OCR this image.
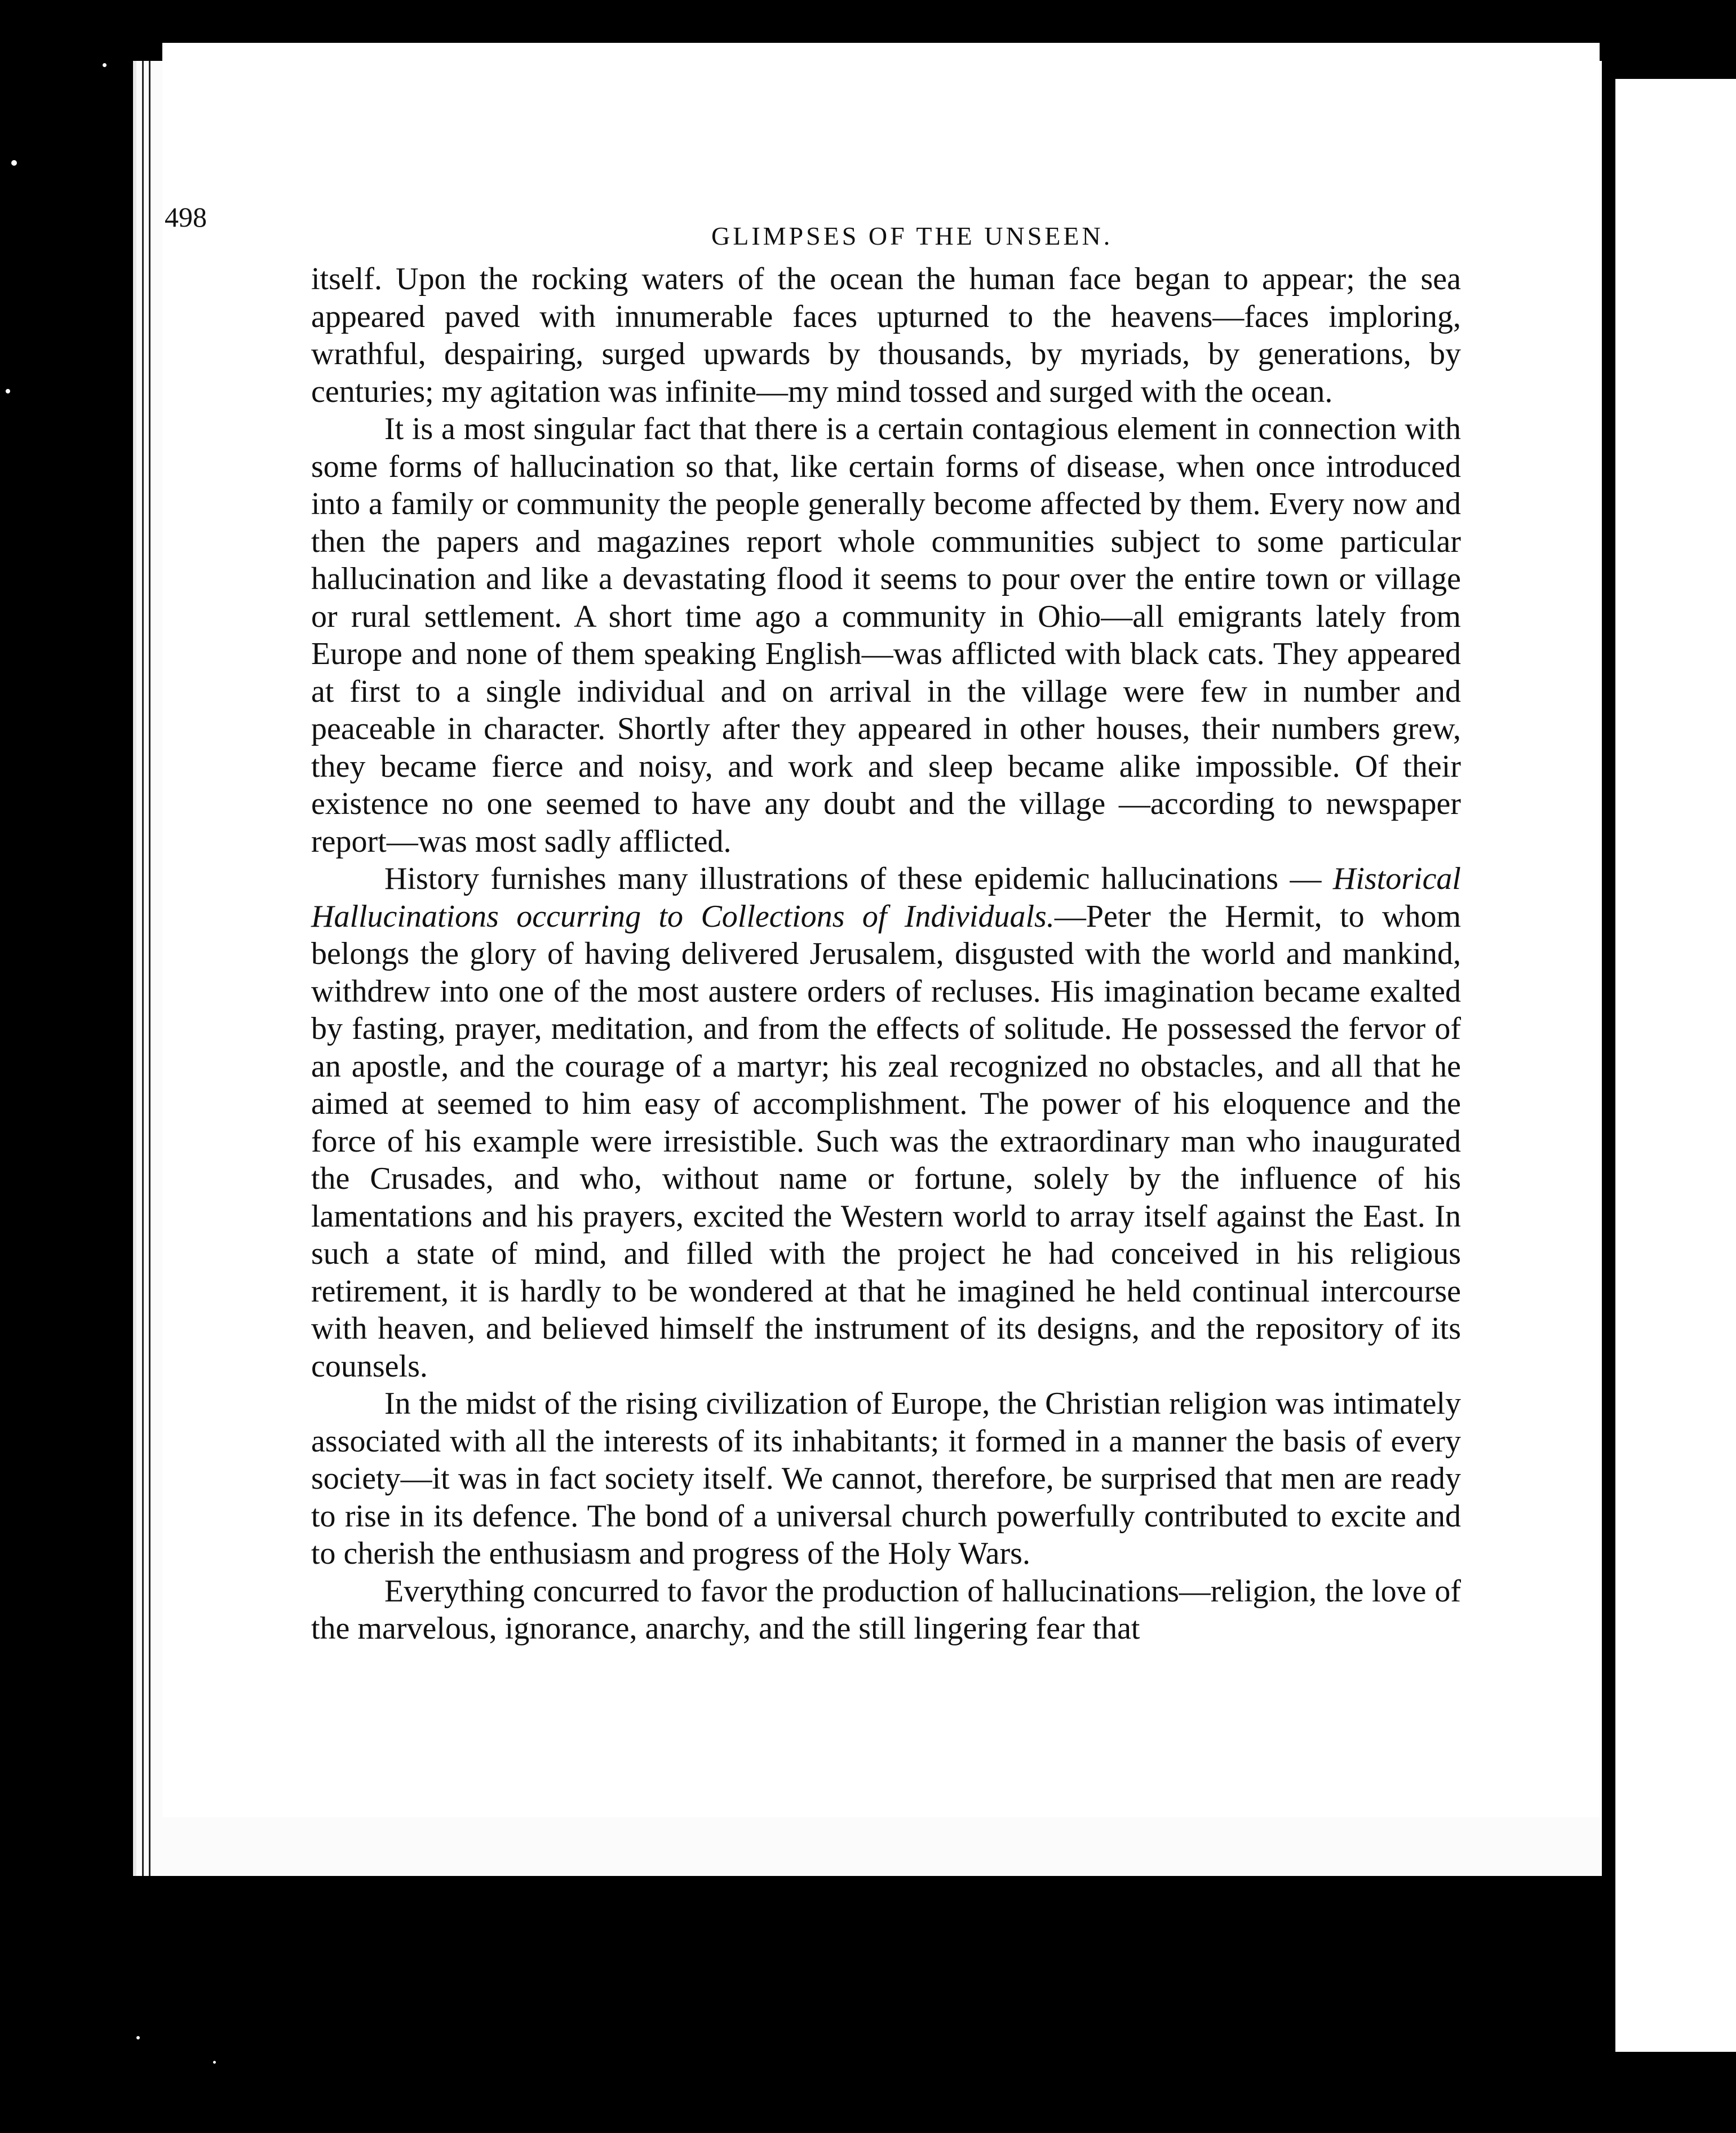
498
GLIMPSES OF THE UNSEEN.

itself. Upon the rocking waters of the ocean the human face began to appear; the sea appeared paved with innumerable faces upturned to the heavens—faces imploring, wrathful, despairing, surged upwards by thousands, by myriads, by generations, by centuries; my agitation was infinite—my mind tossed and surged with the ocean.

It is a most singular fact that there is a certain contagious element in connection with some forms of hallucination so that, like certain forms of disease, when once introduced into a family or community the people generally become affected by them. Every now and then the papers and magazines report whole communities subject to some particular hallucination and like a devastating flood it seems to pour over the entire town or village or rural settlement. A short time ago a community in Ohio—all emigrants lately from Europe and none of them speaking English—was afflicted with black cats. They appeared at first to a single individual and on arrival in the village were few in number and peaceable in character. Shortly after they appeared in other houses, their numbers grew, they became fierce and noisy, and work and sleep became alike impossible. Of their existence no one seemed to have any doubt and the village —according to newspaper report—was most sadly afflicted.

History furnishes many illustrations of these epidemic hallucinations — Historical Hallucinations occurring to Collections of Individuals.—Peter the Hermit, to whom belongs the glory of having delivered Jerusalem, disgusted with the world and mankind, withdrew into one of the most austere orders of recluses. His imagination became exalted by fasting, prayer, meditation, and from the effects of solitude. He possessed the fervor of an apostle, and the courage of a martyr; his zeal recognized no obstacles, and all that he aimed at seemed to him easy of accomplishment. The power of his eloquence and the force of his example were irresistible. Such was the extraordinary man who inaugurated the Crusades, and who, without name or fortune, solely by the influence of his lamentations and his prayers, excited the Western world to array itself against the East. In such a state of mind, and filled with the project he had conceived in his religious retirement, it is hardly to be wondered at that he imagined he held continual intercourse with heaven, and believed himself the instrument of its designs, and the repository of its counsels.

In the midst of the rising civilization of Europe, the Christian religion was intimately associated with all the interests of its inhabitants; it formed in a manner the basis of every society—it was in fact society itself. We cannot, therefore, be surprised that men are ready to rise in its defence. The bond of a universal church powerfully contributed to excite and to cherish the enthusiasm and progress of the Holy Wars.

Everything concurred to favor the production of hallucinations—religion, the love of the marvelous, ignorance, anarchy, and the still lingering fear that
